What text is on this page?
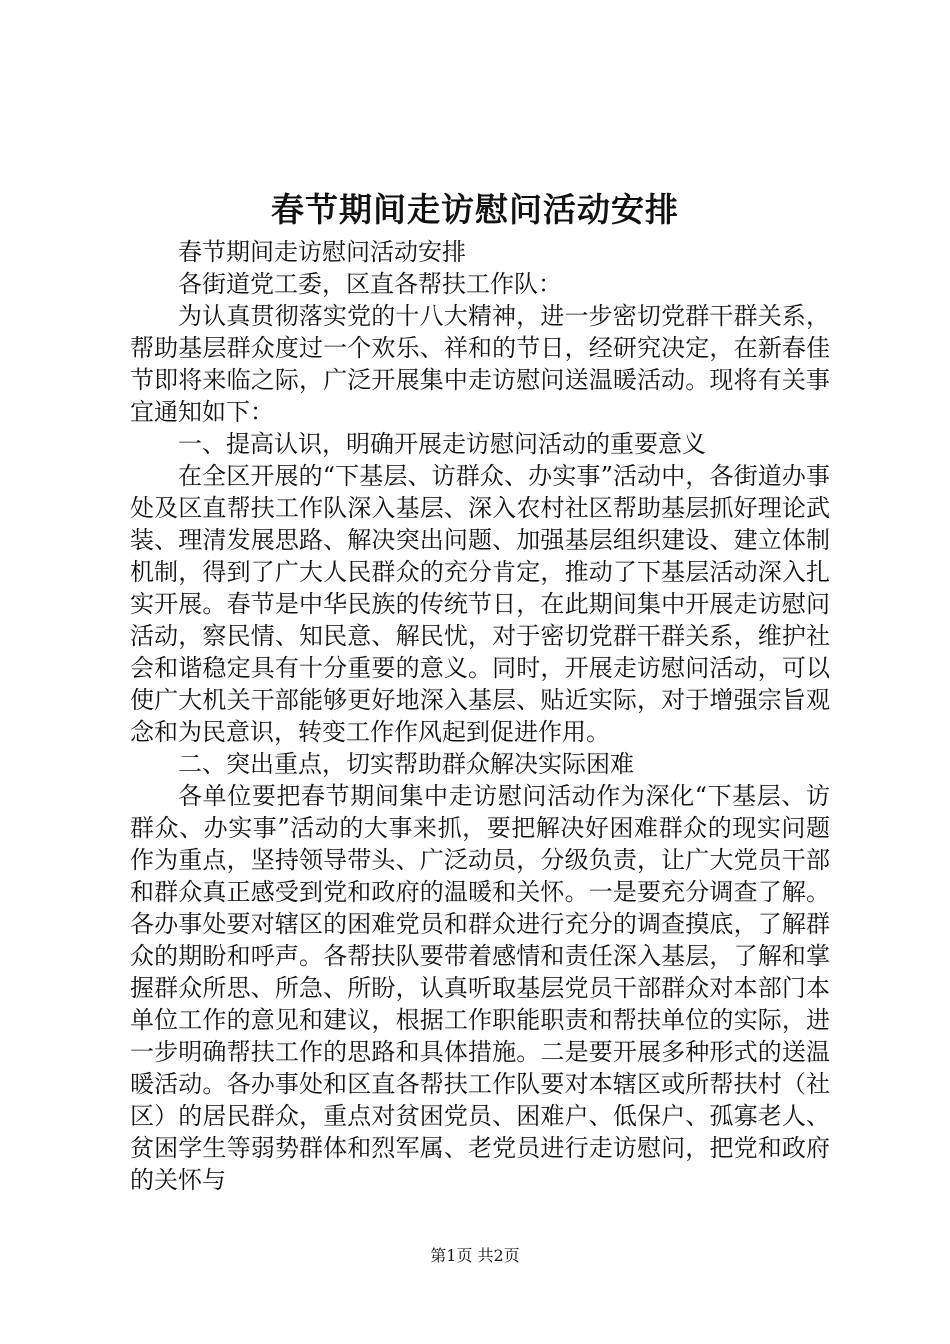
春节期间走访慰问活动安排

春节期间走访慰问活动安排

各街道党工委，区直各帮扶工作队：

为认真贯彻落实党的十八大精神，进一步密切党群干群关系，帮助基层群众度过一个欢乐、祥和的节日，经研究决定，在新春佳节即将来临之际，广泛开展集中走访慰问送温暖活动。现将有关事宜通知如下：

一、提高认识，明确开展走访慰问活动的重要意义

在全区开展的“下基层、访群众、办实事”活动中，各街道办事处及区直帮扶工作队深入基层、深入农村社区帮助基层抓好理论武装、理清发展思路、解决突出问题、加强基层组织建设、建立体制机制，得到了广大人民群众的充分肯定，推动了下基层活动深入扎实开展。春节是中华民族的传统节日，在此期间集中开展走访慰问活动，察民情、知民意、解民忧，对于密切党群干群关系，维护社会和谐稳定具有十分重要的意义。同时，开展走访慰问活动，可以使广大机关干部能够更好地深入基层、贴近实际，对于增强宗旨观念和为民意识，转变工作作风起到促进作用。

二、突出重点，切实帮助群众解决实际困难

各单位要把春节期间集中走访慰问活动作为深化“下基层、访群众、办实事”活动的大事来抓，要把解决好困难群众的现实问题作为重点，坚持领导带头、广泛动员，分级负责，让广大党员干部和群众真正感受到党和政府的温暖和关怀。一是要充分调查了解。各办事处要对辖区的困难党员和群众进行充分的调查摸底，了解群众的期盼和呼声。各帮扶队要带着感情和责任深入基层，了解和掌握群众所思、所急、所盼，认真听取基层党员干部群众对本部门本单位工作的意见和建议，根据工作职能职责和帮扶单位的实际，进一步明确帮扶工作的思路和具体措施。二是要开展多种形式的送温暖活动。各办事处和区直各帮扶工作队要对本辖区或所帮扶村（社区）的居民群众，重点对贫困党员、困难户、低保户、孤寡老人、贫困学生等弱势群体和烈军属、老党员进行走访慰问，把党和政府的关怀与

第1页 共2页
